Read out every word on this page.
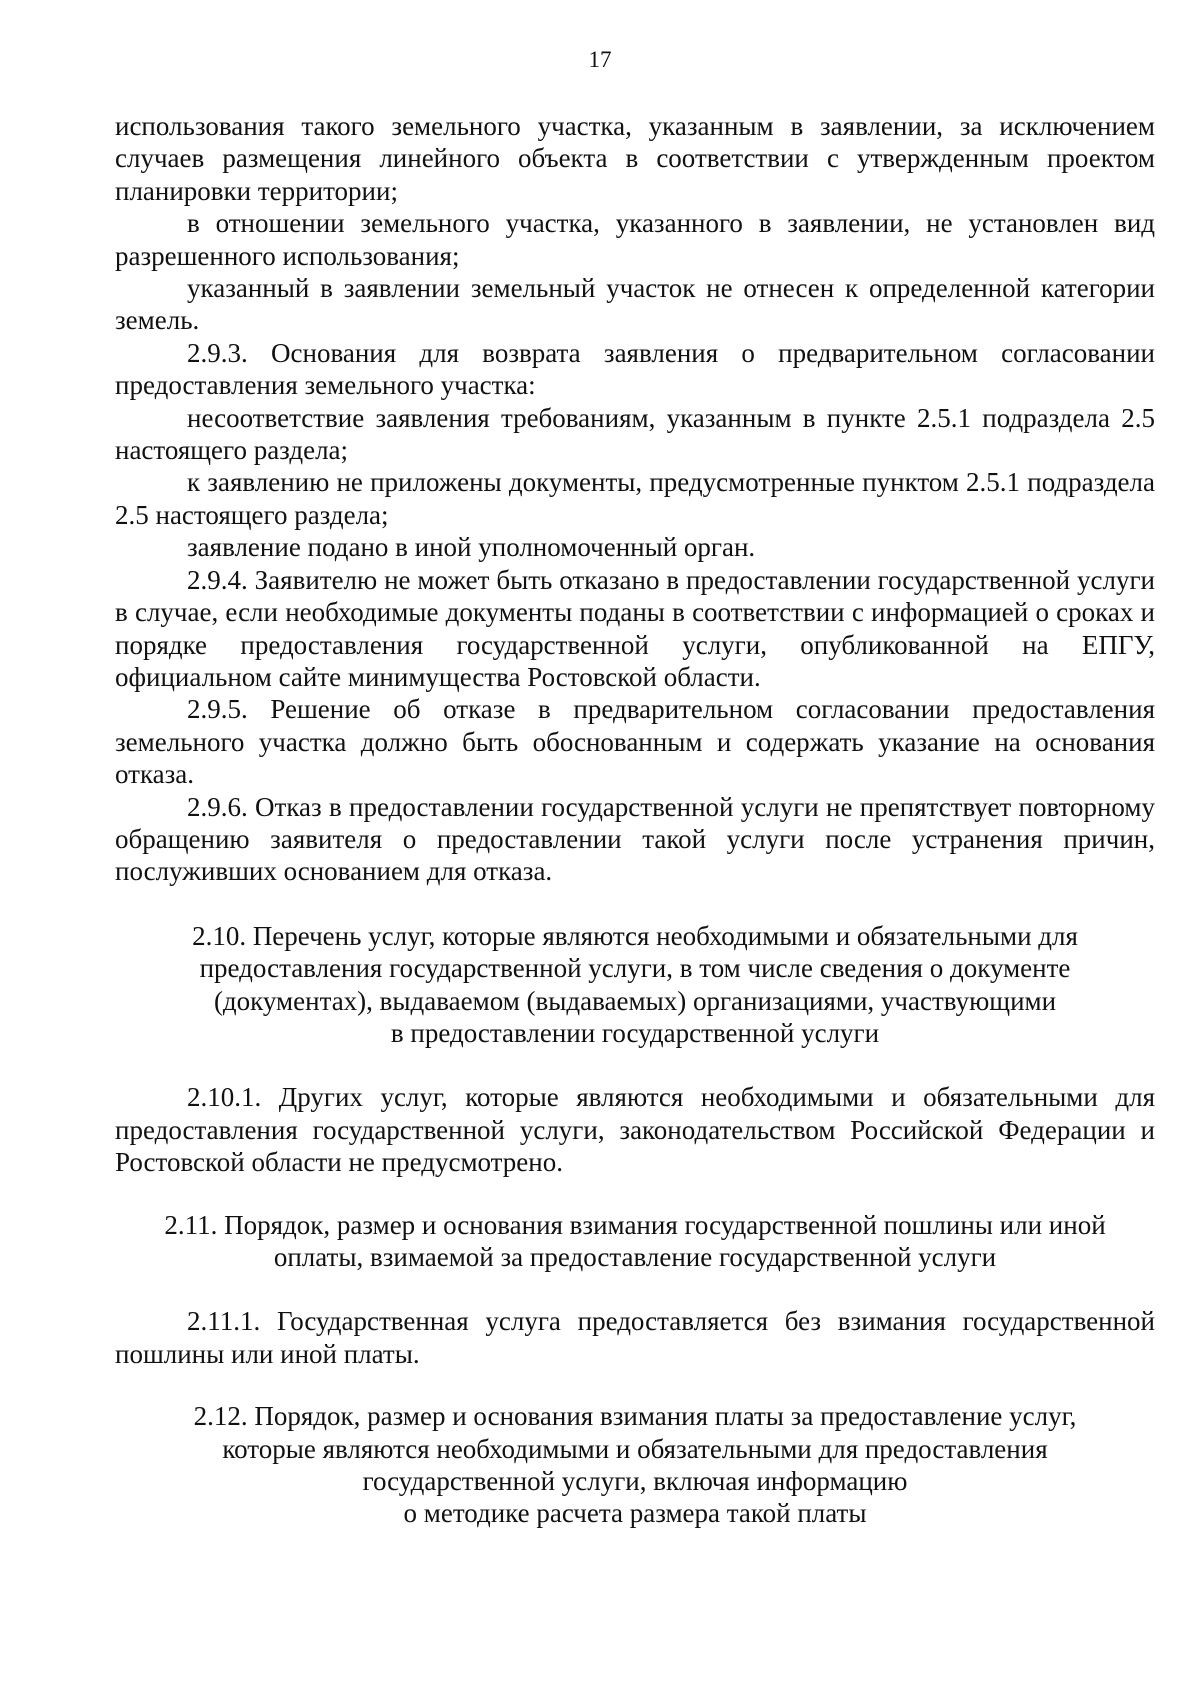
17

использования такого земельного участка, указанным в заявлении, за исключением случаев размещения линейного объекта в соответствии с утвержденным проектом планировки территории;

в отношении земельного участка, указанного в заявлении, не установлен вид разрешенного использования;

указанный в заявлении земельный участок не отнесен к определенной категории земель.

2.9.3. Основания для возврата заявления о предварительном согласовании предоставления земельного участка:

несоответствие заявления требованиям, указанным в пункте 2.5.1 подраздела 2.5 настоящего раздела;

к заявлению не приложены документы, предусмотренные пунктом 2.5.1 подраздела 2.5 настоящего раздела;

заявление подано в иной уполномоченный орган.

2.9.4. Заявителю не может быть отказано в предоставлении государственной услуги в случае, если необходимые документы поданы в соответствии с информацией о сроках и порядке предоставления государственной услуги, опубликованной на ЕПГУ, официальном сайте минимущества Ростовской области.

2.9.5. Решение об отказе в предварительном согласовании предоставления земельного участка должно быть обоснованным и содержать указание на основания отказа.

2.9.6. Отказ в предоставлении государственной услуги не препятствует повторному обращению заявителя о предоставлении такой услуги после устранения причин, послуживших основанием для отказа.

2.10. Перечень услуг, которые являются необходимыми и обязательными для

предоставления государственной услуги, в том числе сведения о документе

(документах), выдаваемом (выдаваемых) организациями, участвующими

в предоставлении государственной услуги

2.10.1. Других услуг, которые являются необходимыми и обязательными для предоставления государственной услуги, законодательством Российской Федерации и Ростовской области не предусмотрено.

2.11. Порядок, размер и основания взимания государственной пошлины или иной

оплаты, взимаемой за предоставление государственной услуги

2.11.1. Государственная услуга предоставляется без взимания государственной пошлины или иной платы.

2.12. Порядок, размер и основания взимания платы за предоставление услуг,

которые являются необходимыми и обязательными для предоставления

государственной услуги, включая информацию

о методике расчета размера такой платы
